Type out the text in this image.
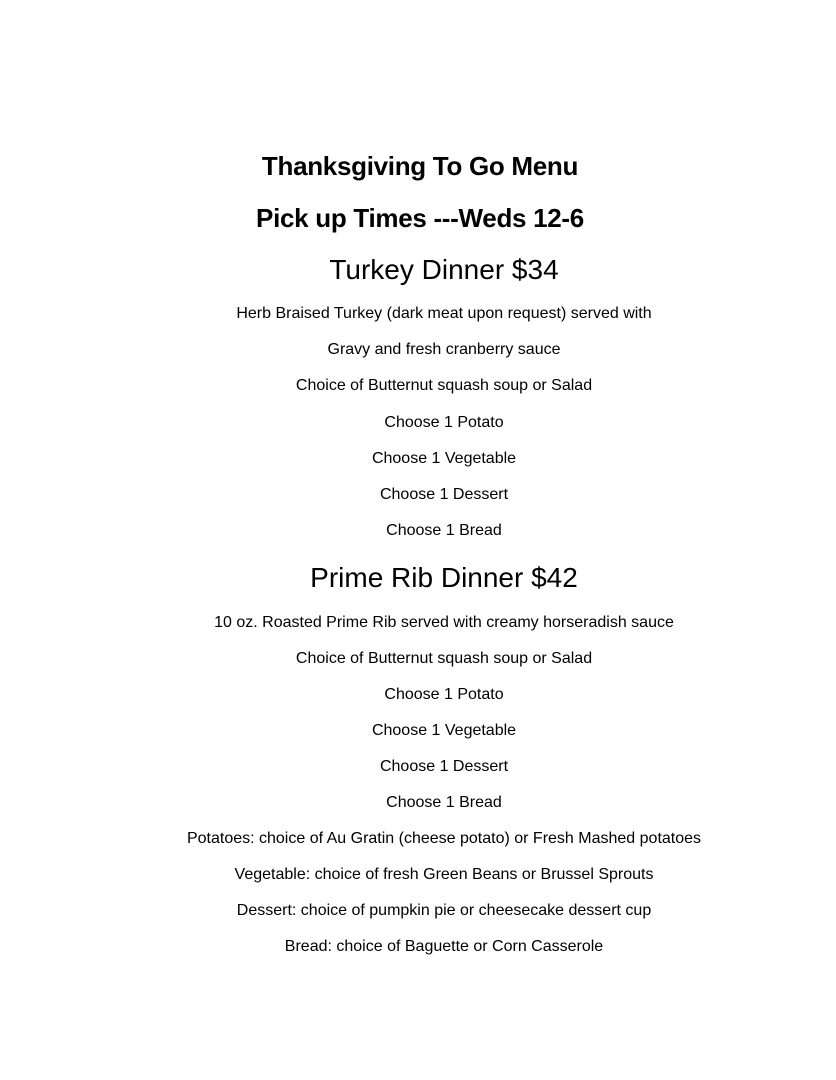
Thanksgiving To Go Menu
Pick up Times ---Weds 12-6
Turkey Dinner $34
Herb Braised Turkey (dark meat upon request) served with
Gravy and fresh cranberry sauce
Choice of Butternut squash soup or Salad
Choose 1 Potato
Choose 1 Vegetable
Choose 1 Dessert
Choose 1 Bread
Prime Rib Dinner $42
10 oz. Roasted Prime Rib served with creamy horseradish sauce
Choice of Butternut squash soup or Salad
Choose 1 Potato
Choose 1 Vegetable
Choose 1 Dessert
Choose 1 Bread
Potatoes: choice of Au Gratin (cheese potato) or Fresh Mashed potatoes
Vegetable: choice of fresh Green Beans or Brussel Sprouts
Dessert: choice of pumpkin pie or cheesecake dessert cup
Bread: choice of Baguette or Corn Casserole
